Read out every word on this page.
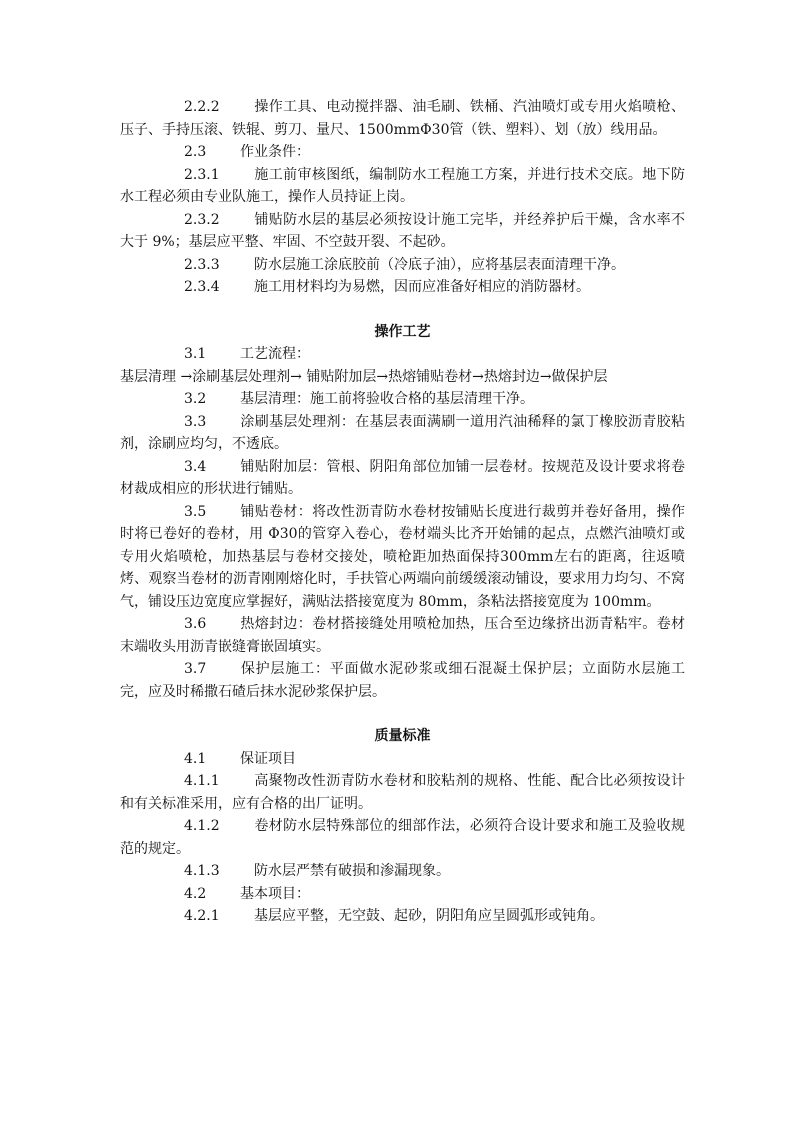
2.2.2 操作工具、电动搅拌器、油毛刷、铁桶、汽油喷灯或专用火焰喷枪、压子、手持压滚、铁辊、剪刀、量尺、1500mmΦ30管（铁、塑料）、划（放）线用品。

2.3 作业条件：

2.3.1 施工前审核图纸，编制防水工程施工方案，并进行技术交底。地下防水工程必须由专业队施工，操作人员持证上岗。

2.3.2 铺贴防水层的基层必须按设计施工完毕，并经养护后干燥，含水率不大于 9%；基层应平整、牢固、不空鼓开裂、不起砂。

2.3.3 防水层施工涂底胶前（冷底子油），应将基层表面清理干净。

2.3.4 施工用材料均为易燃，因而应准备好相应的消防器材。

操作工艺

3.1 工艺流程：

基层清理 →涂刷基层处理剂→ 铺贴附加层→热熔铺贴卷材→热熔封边→做保护层

3.2 基层清理：施工前将验收合格的基层清理干净。

3.3 涂刷基层处理剂：在基层表面满刷一道用汽油稀释的氯丁橡胶沥青胶粘剂，涂刷应均匀，不透底。

3.4 铺贴附加层：管根、阴阳角部位加铺一层卷材。按规范及设计要求将卷材裁成相应的形状进行铺贴。

3.5 铺贴卷材：将改性沥青防水卷材按铺贴长度进行裁剪并卷好备用，操作时将已卷好的卷材，用 Φ30的管穿入卷心，卷材端头比齐开始铺的起点，点燃汽油喷灯或专用火焰喷枪，加热基层与卷材交接处，喷枪距加热面保持300mm左右的距离，往返喷烤、观察当卷材的沥青刚刚熔化时，手扶管心两端向前缓缓滚动铺设，要求用力均匀、不窝气，铺设压边宽度应掌握好，满贴法搭接宽度为 80mm，条粘法搭接宽度为 100mm。

3.6 热熔封边：卷材搭接缝处用喷枪加热，压合至边缘挤出沥青粘牢。卷材末端收头用沥青嵌缝膏嵌固填实。

3.7 保护层施工：平面做水泥砂浆或细石混凝土保护层；立面防水层施工完，应及时稀撒石碴后抹水泥砂浆保护层。

质量标准

4.1 保证项目

4.1.1 高聚物改性沥青防水卷材和胶粘剂的规格、性能、配合比必须按设计和有关标准采用，应有合格的出厂证明。

4.1.2 卷材防水层特殊部位的细部作法，必须符合设计要求和施工及验收规范的规定。

4.1.3 防水层严禁有破损和渗漏现象。

4.2 基本项目：

4.2.1 基层应平整，无空鼓、起砂，阴阳角应呈圆弧形或钝角。
